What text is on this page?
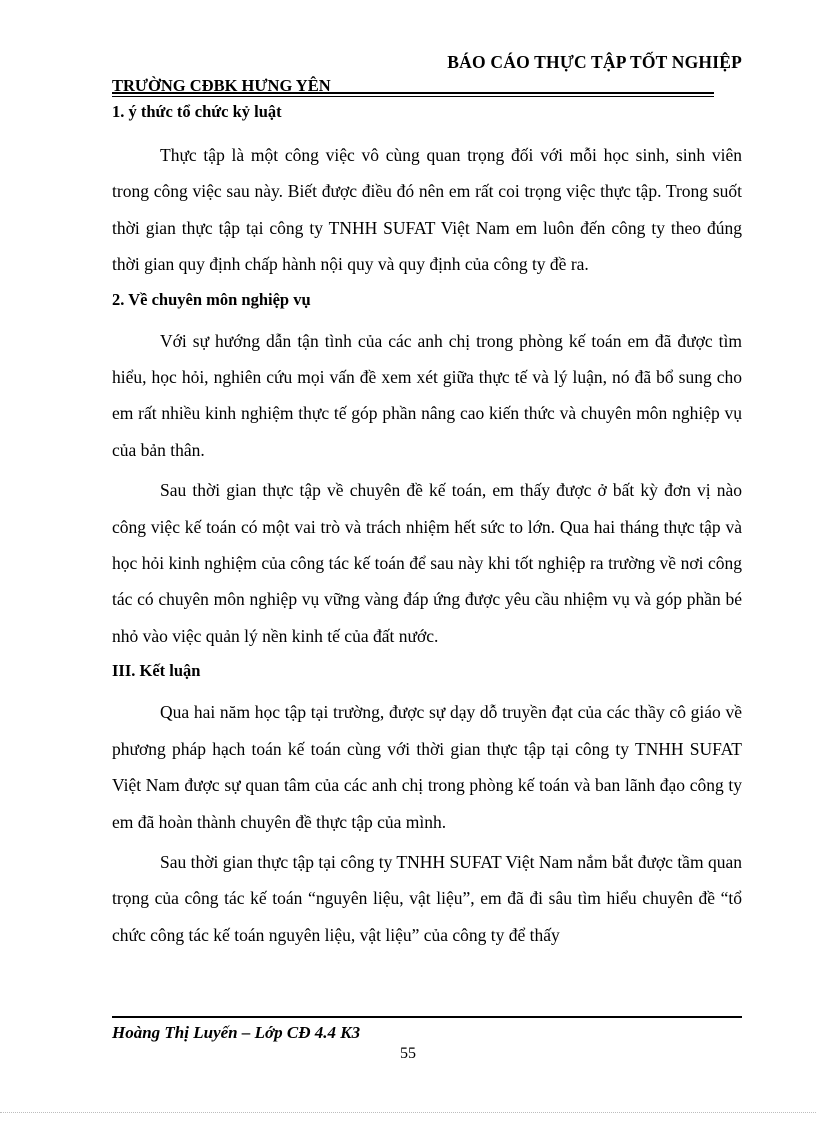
BÁO CÁO THỰC TẬP TỐT NGHIỆP
TRƯỜNG CĐBK HƯNG YÊN

1. ý thức tổ chức kỷ luật

Thực tập là một công việc vô cùng quan trọng đối với mỗi học sinh, sinh viên trong công việc sau này. Biết được điều đó nên em rất coi trọng việc thực tập. Trong suốt thời gian thực tập tại công ty TNHH SUFAT Việt Nam em luôn đến công ty theo đúng thời gian quy định chấp hành nội quy và quy định của công ty đề ra.

2. Về chuyên môn nghiệp vụ

Với sự hướng dẫn tận tình của các anh chị trong phòng kế toán em đã được tìm hiểu, học hỏi, nghiên cứu mọi vấn đề xem xét giữa thực tế và lý luận, nó đã bổ sung cho em rất nhiều kinh nghiệm thực tế góp phần nâng cao kiến thức và chuyên môn nghiệp vụ của bản thân.

Sau thời gian thực tập về chuyên đề kế toán, em thấy được ở bất kỳ đơn vị nào công việc kế toán có một vai trò và trách nhiệm hết sức to lớn. Qua hai tháng thực tập và học hỏi kinh nghiệm của công tác kế toán để sau này khi tốt nghiệp ra trường về nơi công tác có chuyên môn nghiệp vụ vững vàng đáp ứng được yêu cầu nhiệm vụ và góp phần bé nhỏ vào việc quản lý nền kinh tế của đất nước.

III. Kết luận

Qua hai năm học tập tại trường, được sự dạy dỗ truyền đạt của các thầy cô giáo về phương pháp hạch toán kế toán cùng với thời gian thực tập tại công ty TNHH SUFAT Việt Nam được sự quan tâm của các anh chị trong phòng kế toán và ban lãnh đạo công ty em đã hoàn thành chuyên đề thực tập của mình.

Sau thời gian thực tập tại công ty TNHH SUFAT Việt Nam nắm bắt được tầm quan trọng của công tác kế toán “nguyên liệu, vật liệu”, em đã đi sâu tìm hiểu chuyên đề “tổ chức công tác kế toán nguyên liệu, vật liệu” của công ty để thấy

Hoàng Thị Luyến – Lớp CĐ 4.4 K3
55
